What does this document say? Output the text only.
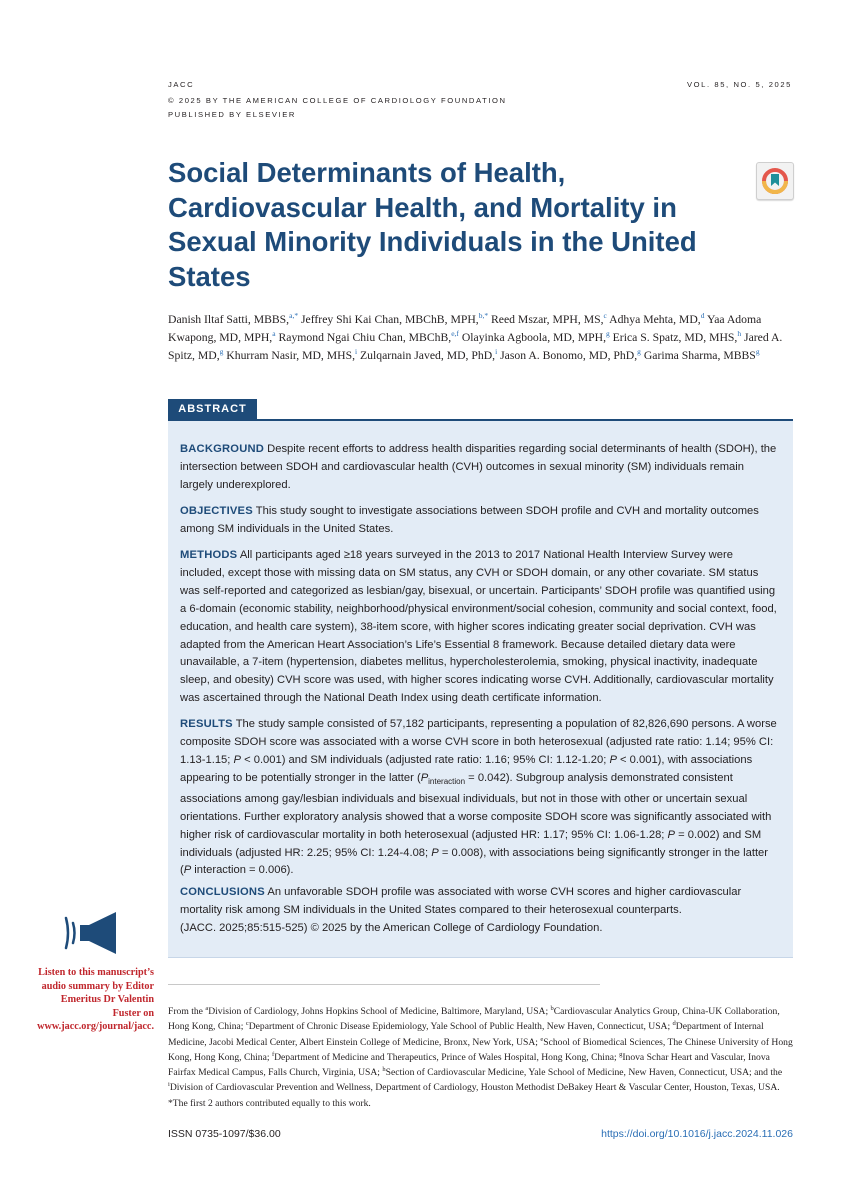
JACC
© 2025 BY THE AMERICAN COLLEGE OF CARDIOLOGY FOUNDATION
PUBLISHED BY ELSEVIER
VOL. 85, NO. 5, 2025
Social Determinants of Health, Cardiovascular Health, and Mortality in Sexual Minority Individuals in the United States

Danish Iltaf Satti, MBBS,$^{a,*}$ Jeffrey Shi Kai Chan, MBChB, MPH,$^{b,*}$ Reed Mszar, MPH, MS,$^c$ Adhya Mehta, MD,$^d$ Yaa Adoma Kwapong, MD, MPH,$^a$ Raymond Ngai Chiu Chan, MBChB,$^{e,f}$ Olayinka Agboola, MD, MPH,$^g$ Erica S. Spatz, MD, MHS,$^h$ Jared A. Spitz, MD,$^g$ Khurram Nasir, MD, MHS,$^i$ Zulqarnain Javed, MD, PhD,$^i$ Jason A. Bonomo, MD, PhD,$^g$ Garima Sharma, MBBS$^g$

ABSTRACT

BACKGROUND Despite recent efforts to address health disparities regarding social determinants of health (SDOH), the intersection between SDOH and cardiovascular health (CVH) outcomes in sexual minority (SM) individuals remain largely underexplored.

OBJECTIVES This study sought to investigate associations between SDOH profile and CVH and mortality outcomes among SM individuals in the United States.

METHODS All participants aged ≥18 years surveyed in the 2013 to 2017 National Health Interview Survey were included, except those with missing data on SM status, any CVH or SDOH domain, or any other covariate. SM status was self-reported and categorized as lesbian/gay, bisexual, or uncertain. Participants’ SDOH profile was quantified using a 6-domain (economic stability, neighborhood/physical environment/social cohesion, community and social context, food, education, and health care system), 38-item score, with higher scores indicating greater social deprivation. CVH was adapted from the American Heart Association’s Life’s Essential 8 framework. Because detailed dietary data were unavailable, a 7-item (hypertension, diabetes mellitus, hypercholesterolemia, smoking, physical inactivity, inadequate sleep, and obesity) CVH score was used, with higher scores indicating worse CVH. Additionally, cardiovascular mortality was ascertained through the National Death Index using death certificate information.

RESULTS The study sample consisted of 57,182 participants, representing a population of 82,826,690 persons. A worse composite SDOH score was associated with a worse CVH score in both heterosexual (adjusted rate ratio: 1.14; 95% CI: 1.13-1.15; P < 0.001) and SM individuals (adjusted rate ratio: 1.16; 95% CI: 1.12-1.20; P < 0.001), with associations appearing to be potentially stronger in the latter $(P_{interaction} = 0.042)$. Subgroup analysis demonstrated consistent associations among gay/lesbian individuals and bisexual individuals, but not in those with other or uncertain sexual orientations. Further exploratory analysis showed that a worse composite SDOH score was significantly associated with higher risk of cardiovascular mortality in both heterosexual (adjusted HR: 1.17; 95% CI: 1.06-1.28; P = 0.002) and SM individuals (adjusted HR: 2.25; 95% CI: 1.24-4.08; P = 0.008), with associations being significantly stronger in the latter (P interaction = 0.006).

CONCLUSIONS An unfavorable SDOH profile was associated with worse CVH scores and higher cardiovascular mortality risk among SM individuals in the United States compared to their heterosexual counterparts.
(JACC. 2025;85:515-525) © 2025 by the American College of Cardiology Foundation.

Listen to this manuscript’s audio summary by Editor Emeritus Dr Valentin Fuster on www.jacc.org/journal/jacc.

From the $^a$Division of Cardiology, Johns Hopkins School of Medicine, Baltimore, Maryland, USA; $^b$Cardiovascular Analytics Group, China-UK Collaboration, Hong Kong, China; $^c$Department of Chronic Disease Epidemiology, Yale School of Public Health, New Haven, Connecticut, USA; $^d$Department of Internal Medicine, Jacobi Medical Center, Albert Einstein College of Medicine, Bronx, New York, USA; $^e$School of Biomedical Sciences, The Chinese University of Hong Kong, Hong Kong, China; $^f$Department of Medicine and Therapeutics, Prince of Wales Hospital, Hong Kong, China; $^g$Inova Schar Heart and Vascular, Inova Fairfax Medical Campus, Falls Church, Virginia, USA; $^h$Section of Cardiovascular Medicine, Yale School of Medicine, New Haven, Connecticut, USA; and the $^i$Division of Cardiovascular Prevention and Wellness, Department of Cardiology, Houston Methodist DeBakey Heart & Vascular Center, Houston, Texas, USA. *The first 2 authors contributed equally to this work.

ISSN 0735-1097/$36.00	https://doi.org/10.1016/j.jacc.2024.11.026
